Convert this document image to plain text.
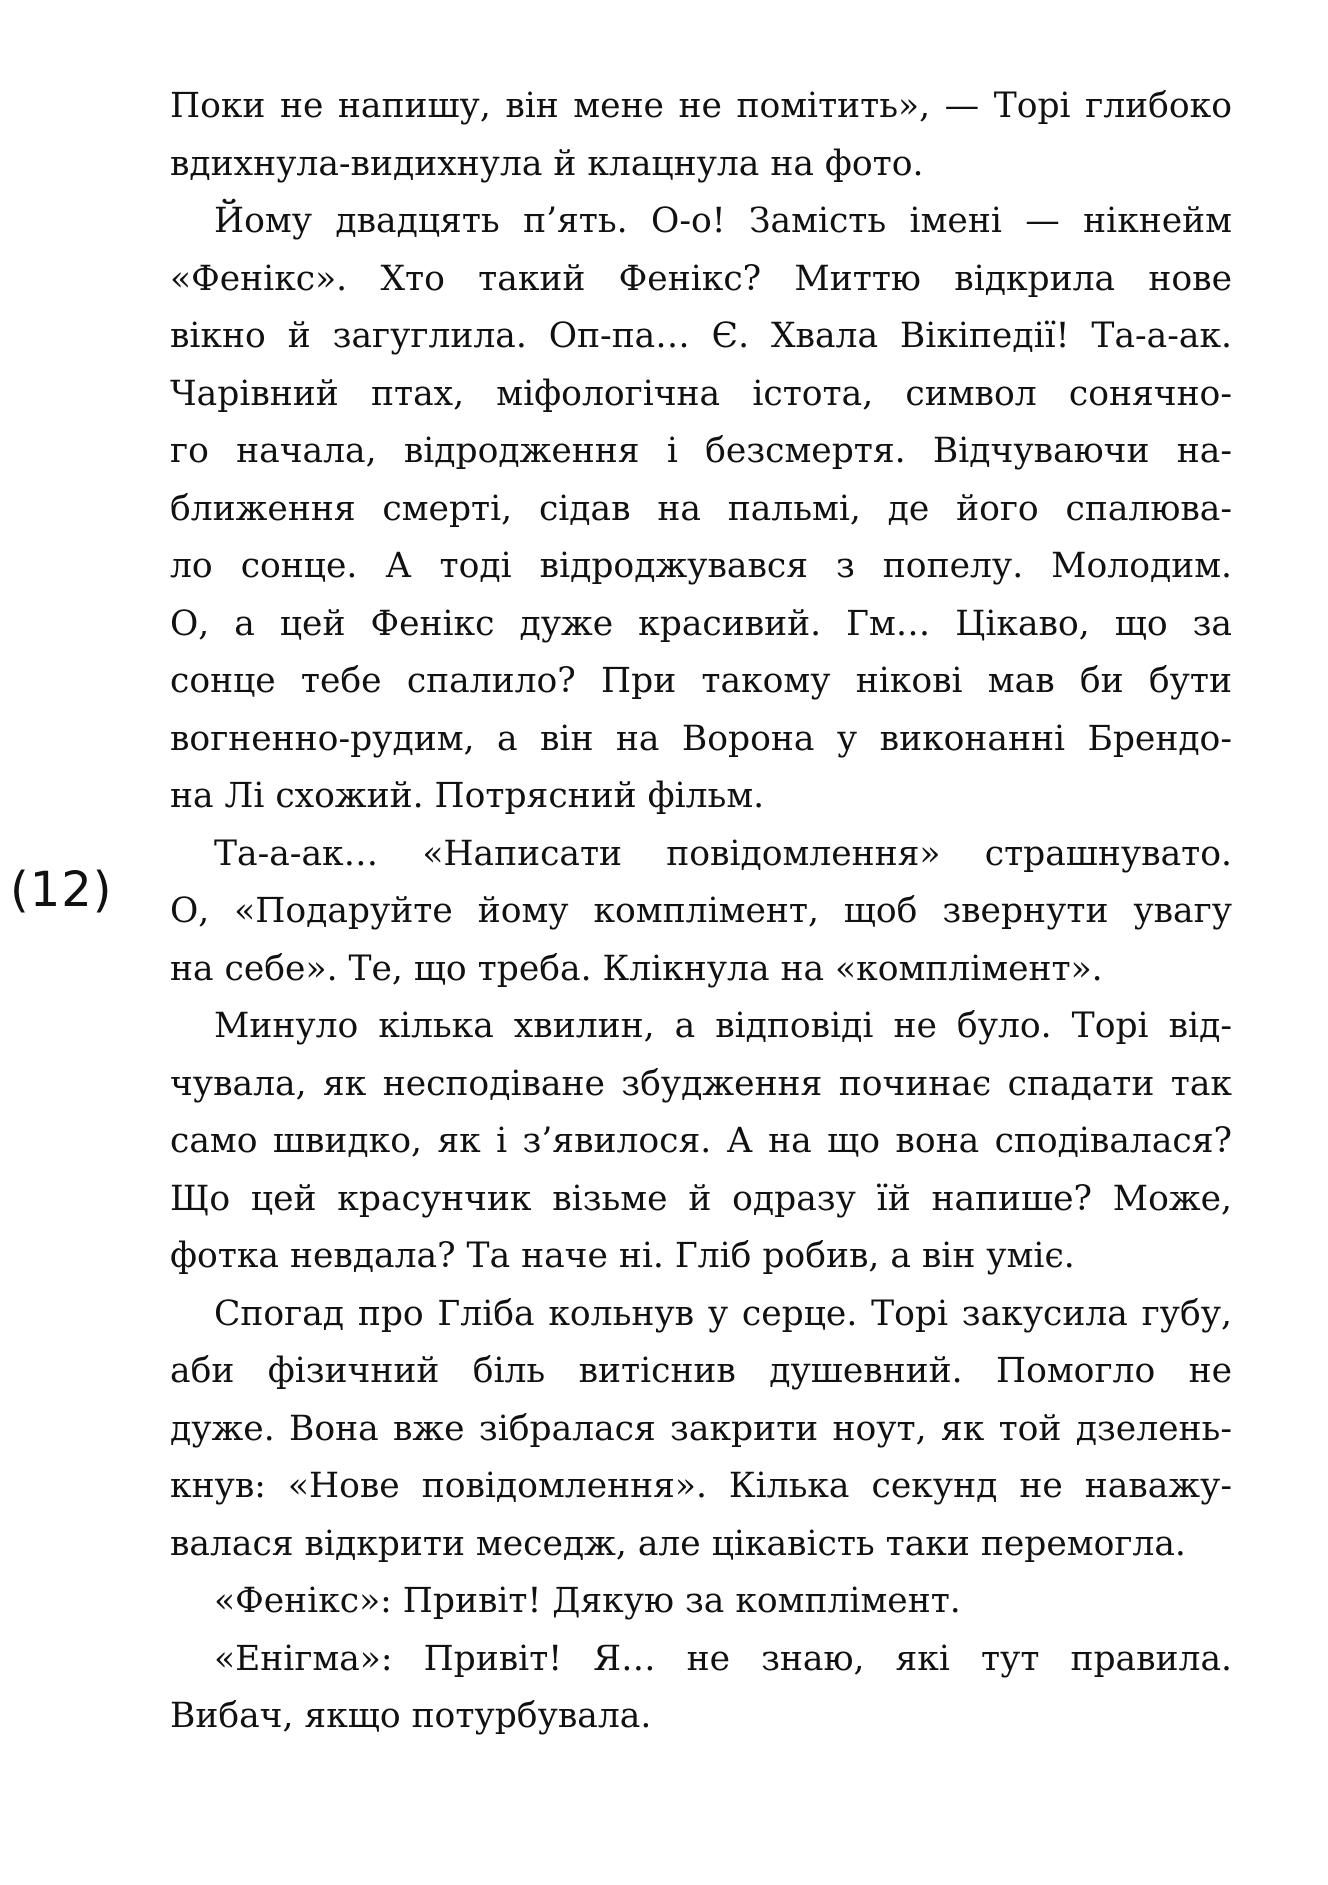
(12)
Поки не напишу, він мене не помітить», — Торі глибоко
вдихнула-видихнула й клацнула на фото.
Йому двадцять п’ять. О-о! Замість імені — нікнейм
«Фенікс». Хто такий Фенікс? Миттю відкрила нове
вікно й загуглила. Оп-па… Є. Хвала Вікіпедії! Та-а-ак.
Чарівний птах, міфологічна істота, символ сонячно-
го начала, відродження і безсмертя. Відчуваючи на-
ближення смерті, сідав на пальмі, де його спалюва-
ло сонце. А тоді відроджувався з попелу. Молодим.
О, а цей Фенікс дуже красивий. Гм… Цікаво, що за
сонце тебе спалило? При такому нікові мав би бути
вогненно-рудим, а він на Ворона у виконанні Брендо-
на Лі схожий. Потрясний фільм.
Та-а-ак… «Написати повідомлення» страшнувато.
О, «Подаруйте йому комплімент, щоб звернути увагу
на себе». Те, що треба. Клікнула на «комплімент».
Минуло кілька хвилин, а відповіді не було. Торі від-
чувала, як несподіване збудження починає спадати так
само швидко, як і з’явилося. А на що вона сподівалася?
Що цей красунчик візьме й одразу їй напише? Може,
фотка невдала? Та наче ні. Гліб робив, а він уміє.
Спогад про Гліба кольнув у серце. Торі закусила губу,
аби фізичний біль витіснив душевний. Помогло не
дуже. Вона вже зібралася закрити ноут, як той дзелень-
кнув: «Нове повідомлення». Кілька секунд не наважу-
валася відкрити меседж, але цікавість таки перемогла.
«Фенікс»: Привіт! Дякую за комплімент.
«Енігма»: Привіт! Я… не знаю, які тут правила.
Вибач, якщо потурбувала.
